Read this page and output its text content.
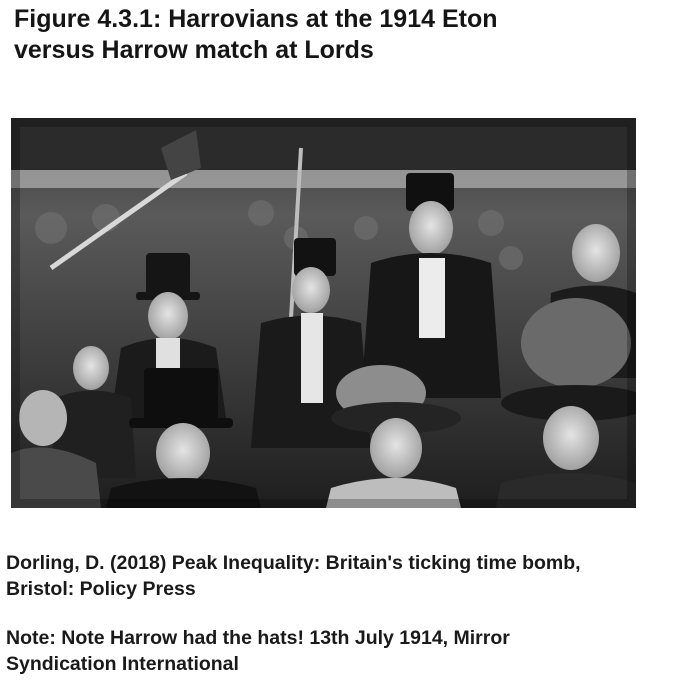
Figure 4.3.1: Harrovians at the 1914 Eton
versus Harrow match at Lords
Dorling, D. (2018) Peak Inequality: Britain's ticking time bomb,
Bristol: Policy Press
Note: Note Harrow had the hats! 13th July 1914, Mirror
Syndication International
